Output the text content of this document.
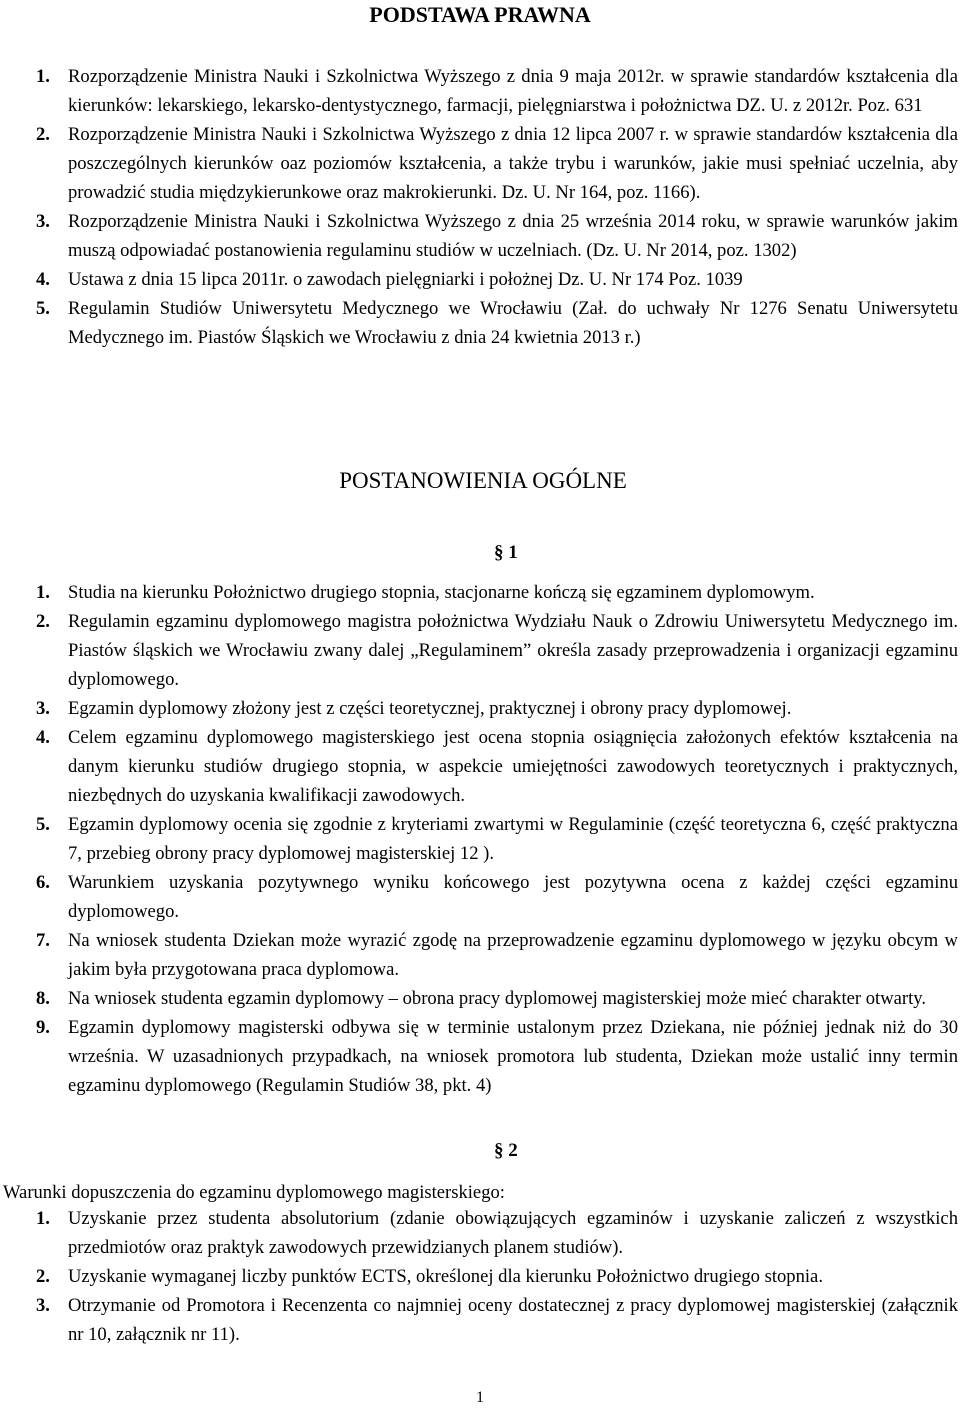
PODSTAWA PRAWNA
1. Rozporządzenie Ministra Nauki i Szkolnictwa Wyższego z dnia 9 maja 2012r. w sprawie standardów kształcenia dla kierunków: lekarskiego, lekarsko-dentystycznego, farmacji, pielęgniarstwa i położnictwa DZ. U. z 2012r. Poz. 631
2. Rozporządzenie Ministra Nauki i Szkolnictwa Wyższego z dnia 12 lipca 2007 r. w sprawie standardów kształcenia dla poszczególnych kierunków oaz poziomów kształcenia, a także trybu i warunków, jakie musi spełniać uczelnia, aby prowadzić studia międzykierunkowe oraz makrokierunki. Dz. U. Nr 164, poz. 1166).
3. Rozporządzenie Ministra Nauki i Szkolnictwa Wyższego z dnia 25 września 2014 roku, w sprawie warunków jakim muszą odpowiadać postanowienia regulaminu studiów w uczelniach. (Dz. U. Nr 2014, poz. 1302)
4. Ustawa z dnia 15 lipca 2011r. o zawodach pielęgniarki i położnej Dz. U. Nr 174 Poz. 1039
5. Regulamin Studiów Uniwersytetu Medycznego we Wrocławiu (Zał. do uchwały Nr 1276 Senatu Uniwersytetu Medycznego im. Piastów Śląskich we Wrocławiu z dnia 24 kwietnia 2013 r.)
POSTANOWIENIA OGÓLNE

§ 1

1. Studia na kierunku Położnictwo drugiego stopnia, stacjonarne kończą się egzaminem dyplomowym.
2. Regulamin egzaminu dyplomowego magistra położnictwa Wydziału Nauk o Zdrowiu Uniwersytetu Medycznego im. Piastów śląskich we Wrocławiu zwany dalej „Regulaminem” określa zasady przeprowadzenia i organizacji egzaminu dyplomowego.
3. Egzamin dyplomowy złożony jest z części teoretycznej, praktycznej i obrony pracy dyplomowej.
4. Celem egzaminu dyplomowego magisterskiego jest ocena stopnia osiągnięcia założonych efektów kształcenia na danym kierunku studiów drugiego stopnia, w aspekcie umiejętności zawodowych teoretycznych i praktycznych, niezbędnych do uzyskania kwalifikacji zawodowych.
5. Egzamin dyplomowy ocenia się zgodnie z kryteriami zwartymi w Regulaminie (część teoretyczna 6, część praktyczna 7, przebieg obrony pracy dyplomowej magisterskiej 12 ).
6. Warunkiem uzyskania pozytywnego wyniku końcowego jest pozytywna ocena z każdej części egzaminu dyplomowego.
7. Na wniosek studenta Dziekan może wyrazić zgodę na przeprowadzenie egzaminu dyplomowego w języku obcym w jakim była przygotowana praca dyplomowa.
8. Na wniosek studenta egzamin dyplomowy – obrona pracy dyplomowej magisterskiej może mieć charakter otwarty.
9. Egzamin dyplomowy magisterski odbywa się w terminie ustalonym przez Dziekana, nie później jednak niż do 30 września. W uzasadnionych przypadkach, na wniosek promotora lub studenta, Dziekan może ustalić inny termin egzaminu dyplomowego (Regulamin Studiów 38, pkt. 4)

§ 2

Warunki dopuszczenia do egzaminu dyplomowego magisterskiego:

1. Uzyskanie przez studenta absolutorium (zdanie obowiązujących egzaminów i uzyskanie zaliczeń z wszystkich przedmiotów oraz praktyk zawodowych przewidzianych planem studiów).
2. Uzyskanie wymaganej liczby punktów ECTS, określonej dla kierunku Położnictwo drugiego stopnia.
3. Otrzymanie od Promotora i Recenzenta co najmniej oceny dostatecznej z pracy dyplomowej magisterskiej (załącznik nr 10, załącznik nr 11).

1
